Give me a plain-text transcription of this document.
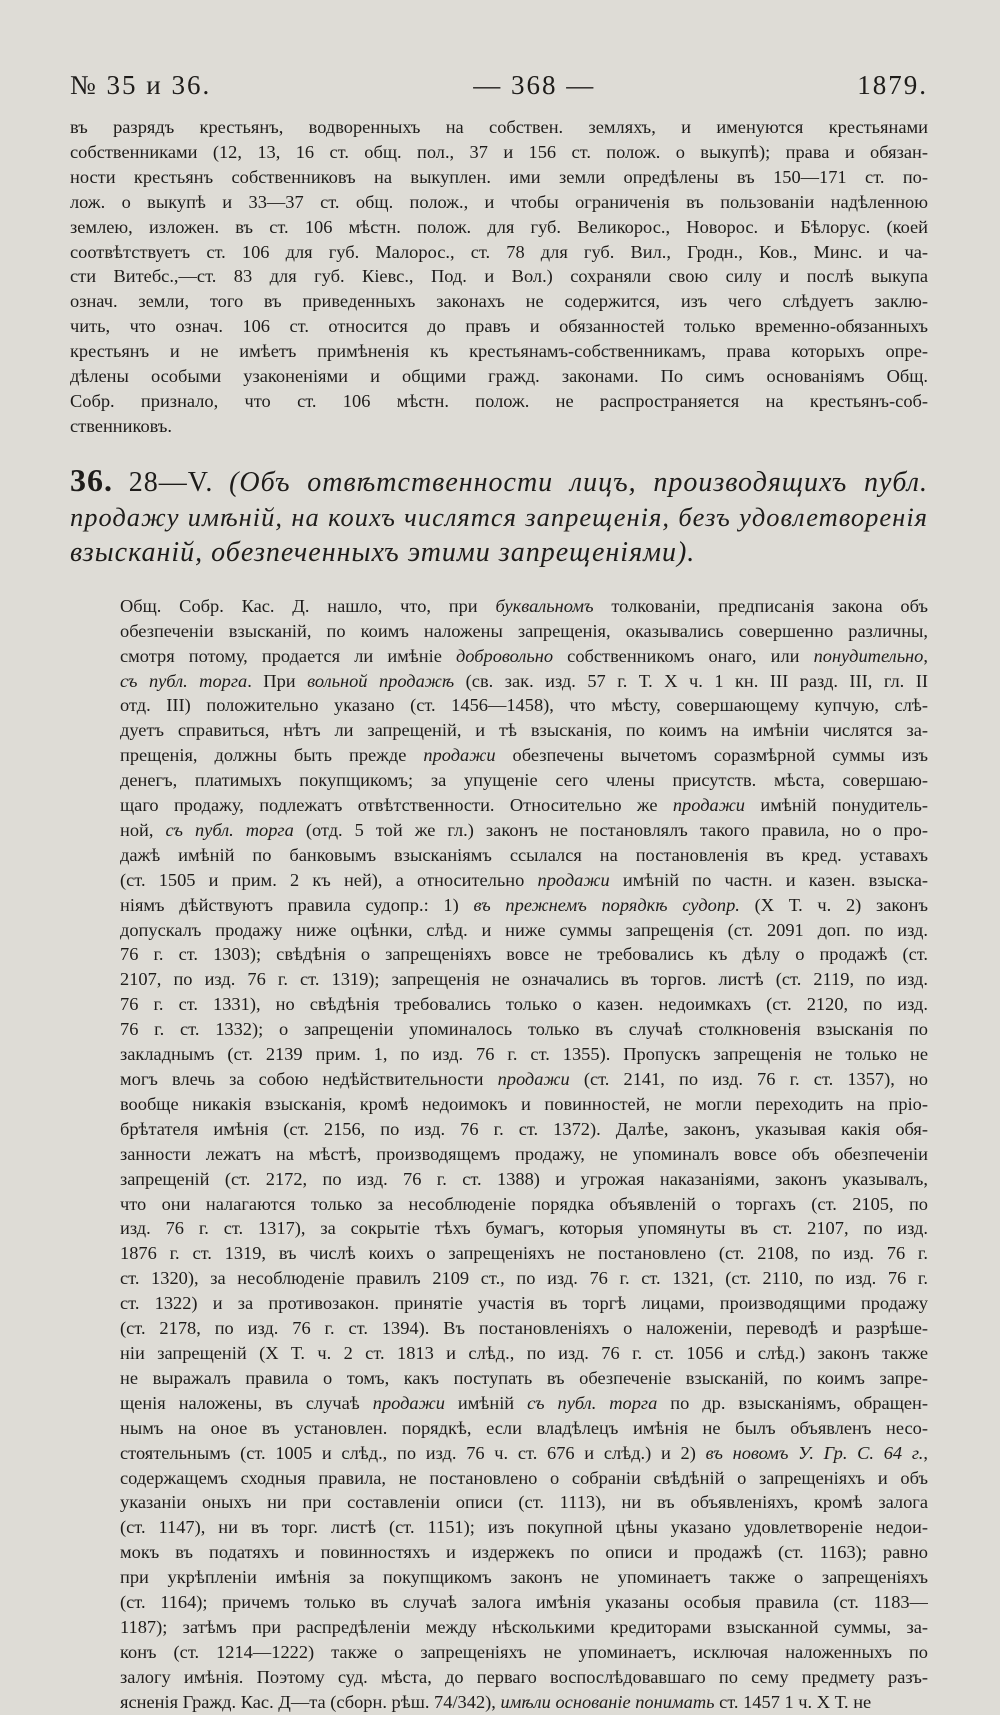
№ 35 и 36.	— 368 —	1879.
въ разрядъ крестьянъ, водворенныхъ на собствен. земляхъ, и именуются крестьянами
собственниками (12, 13, 16 ст. общ. пол., 37 и 156 ст. полож. о выкупѣ); права и обязан-
ности крестьянъ собственниковъ на выкуплен. ими земли опредѣлены въ 150—171 ст. по-
лож. о выкупѣ и 33—37 ст. общ. полож., и чтобы ограниченія въ пользованіи надѣленною
землею, изложен. въ ст. 106 мѣстн. полож. для губ. Великорос., Новорос. и Бѣлорус. (коей
соотвѣтствуетъ ст. 106 для губ. Малорос., ст. 78 для губ. Вил., Гродн., Ков., Минс. и ча-
сти Витебс.,—ст. 83 для губ. Кіевс., Под. и Вол.) сохраняли свою силу и послѣ выкупа
означ. земли, того въ приведенныхъ законахъ не содержится, изъ чего слѣдуетъ заклю-
чить, что означ. 106 ст. относится до правъ и обязанностей только временно-обязанныхъ
крестьянъ и не имѣетъ примѣненія къ крестьянамъ-собственникамъ, права которыхъ опре-
дѣлены особыми узаконеніями и общими гражд. законами. По симъ основаніямъ Общ.
Собр. признало, что ст. 106 мѣстн. полож. не распространяется на крестьянъ-соб-
ственниковъ.
36. 28—V. (Объ отвѣтственности лицъ, производящихъ публ.
продажу имѣній, на коихъ числятся запрещенія, безъ удовлетворенія
взысканій, обезпеченныхъ этими запрещеніями).
Общ. Собр. Кас. Д. нашло, что, при буквальномъ толкованіи, предписанія закона объ
обезпеченіи взысканій, по коимъ наложены запрещенія, оказывались совершенно различны,
смотря потому, продается ли имѣніе добровольно собственникомъ онаго, или понудительно,
съ публ. торга. При вольной продажѣ (св. зак. изд. 57 г. Т. X ч. 1 кн. III разд. III, гл. II
отд. III) положительно указано (ст. 1456—1458), что мѣсту, совершающему купчую, слѣ-
дуетъ справиться, нѣтъ ли запрещеній, и тѣ взысканія, по коимъ на имѣніи числятся за-
прещенія, должны быть прежде продажи обезпечены вычетомъ соразмѣрной суммы изъ
денегъ, платимыхъ покупщикомъ; за упущеніе сего члены присутств. мѣста, совершаю-
щаго продажу, подлежатъ отвѣтственности. Относительно же продажи имѣній понудитель-
ной, съ публ. торга (отд. 5 той же гл.) законъ не постановлялъ такого правила, но о про-
дажѣ имѣній по банковымъ взысканіямъ ссылался на постановленія въ кред. уставахъ
(ст. 1505 и прим. 2 къ ней), а относительно продажи имѣній по частн. и казен. взыска-
ніямъ дѣйствуютъ правила судопр.: 1) въ прежнемъ порядкѣ судопр. (X Т. ч. 2) законъ
допускалъ продажу ниже оцѣнки, слѣд. и ниже суммы запрещенія (ст. 2091 доп. по изд.
76 г. ст. 1303); свѣдѣнія о запрещеніяхъ вовсе не требовались къ дѣлу о продажѣ (ст.
2107, по изд. 76 г. ст. 1319); запрещенія не означались въ торгов. листѣ (ст. 2119, по изд.
76 г. ст. 1331), но свѣдѣнія требовались только о казен. недоимкахъ (ст. 2120, по изд.
76 г. ст. 1332); о запрещеніи упоминалось только въ случаѣ столкновенія взысканія по
закладнымъ (ст. 2139 прим. 1, по изд. 76 г. ст. 1355). Пропускъ запрещенія не только не
могъ влечь за собою недѣйствительности продажи (ст. 2141, по изд. 76 г. ст. 1357), но
вообще никакія взысканія, кромѣ недоимокъ и повинностей, не могли переходить на пріо-
брѣтателя имѣнія (ст. 2156, по изд. 76 г. ст. 1372). Далѣе, законъ, указывая какія обя-
занности лежатъ на мѣстѣ, производящемъ продажу, не упоминалъ вовсе объ обезпеченіи
запрещеній (ст. 2172, по изд. 76 г. ст. 1388) и угрожая наказаніями, законъ указывалъ,
что они налагаются только за несоблюденіе порядка объявленій о торгахъ (ст. 2105, по
изд. 76 г. ст. 1317), за сокрытіе тѣхъ бумагъ, которыя упомянуты въ ст. 2107, по изд.
1876 г. ст. 1319, въ числѣ коихъ о запрещеніяхъ не постановлено (ст. 2108, по изд. 76 г.
ст. 1320), за несоблюденіе правилъ 2109 ст., по изд. 76 г. ст. 1321, (ст. 2110, по изд. 76 г.
ст. 1322) и за противозакон. принятіе участія въ торгѣ лицами, производящими продажу
(ст. 2178, по изд. 76 г. ст. 1394). Въ постановленіяхъ о наложеніи, переводѣ и разрѣше-
ніи запрещеній (X Т. ч. 2 ст. 1813 и слѣд., по изд. 76 г. ст. 1056 и слѣд.) законъ также
не выражалъ правила о томъ, какъ поступать въ обезпеченіе взысканій, по коимъ запре-
щенія наложены, въ случаѣ продажи имѣній съ публ. торга по др. взысканіямъ, обращен-
нымъ на оное въ установлен. порядкѣ, если владѣлецъ имѣнія не былъ объявленъ несо-
стоятельнымъ (ст. 1005 и слѣд., по изд. 76 ч. ст. 676 и слѣд.) и 2) въ новомъ У. Гр. С. 64 г.,
содержащемъ сходныя правила, не постановлено о собраніи свѣдѣній о запрещеніяхъ и объ
указаніи оныхъ ни при составленіи описи (ст. 1113), ни въ объявленіяхъ, кромѣ залога
(ст. 1147), ни въ торг. листѣ (ст. 1151); изъ покупной цѣны указано удовлетвореніе недои-
мокъ въ податяхъ и повинностяхъ и издержекъ по описи и продажѣ (ст. 1163); равно
при укрѣпленіи имѣнія за покупщикомъ законъ не упоминаетъ также о запрещеніяхъ
(ст. 1164); причемъ только въ случаѣ залога имѣнія указаны особыя правила (ст. 1183—
1187); затѣмъ при распредѣленіи между нѣсколькими кредиторами взысканной суммы, за-
конъ (ст. 1214—1222) также о запрещеніяхъ не упоминаетъ, исключая наложенныхъ по
залогу имѣнія. Поэтому суд. мѣста, до перваго воспослѣдовавшаго по сему предмету разъ-
ясненія Гражд. Кас. Д—та (сборн. рѣш. 74/342), имѣли основаніе понимать ст. 1457 1 ч. X Т. не
